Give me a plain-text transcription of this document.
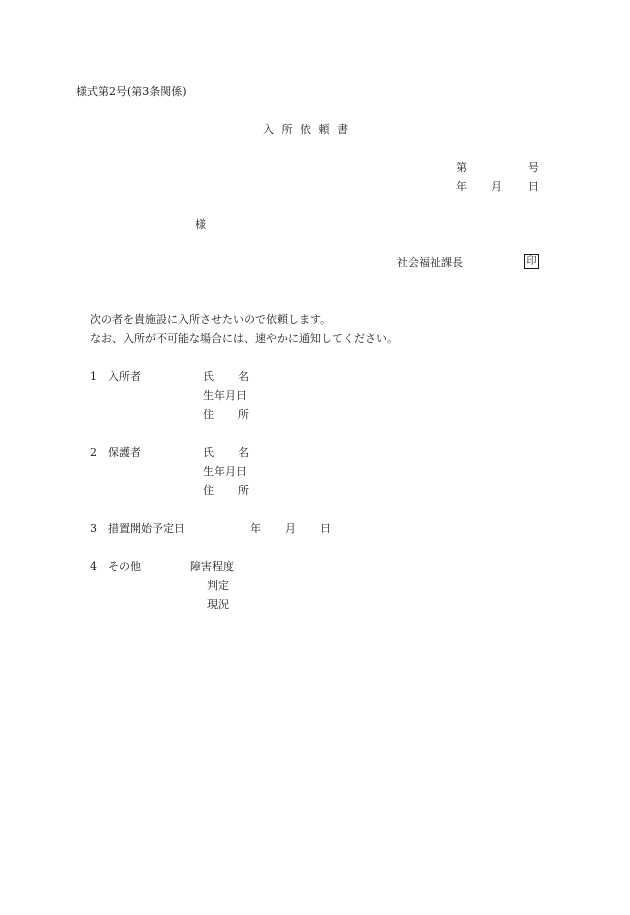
様式第2号(第3条関係)
入 所 依 頼 書
第	号
年 月 日
様
社会福祉課長	印
次の者を貴施設に入所させたいので依頼します。
なお、入所が不可能な場合には、速やかに通知してください。
1 入所者	氏 名
生年月日
住 所
2 保護者	氏 名
生年月日
住 所
3 措置開始予定日	年 月 日
4 その他	障害程度
判定
現況
